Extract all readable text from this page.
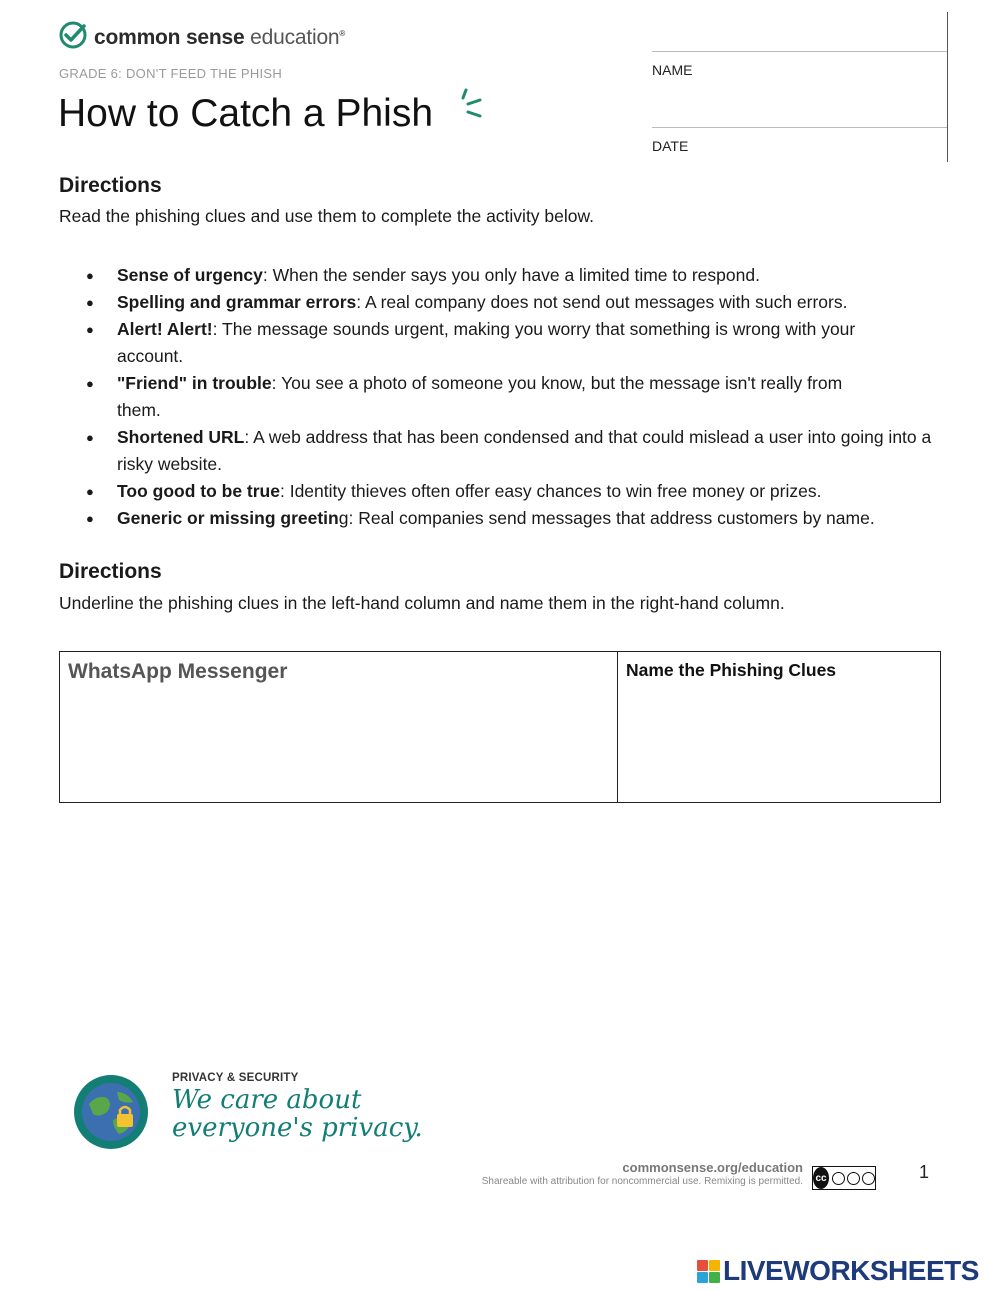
common sense education®
GRADE 6: DON'T FEED THE PHISH
How to Catch a Phish
NAME
DATE
Directions

Read the phishing clues and use them to complete the activity below.

● Sense of urgency: When the sender says you only have a limited time to respond.
● Spelling and grammar errors: A real company does not send out messages with such errors.
● Alert! Alert!: The message sounds urgent, making you worry that something is wrong with your account.
● "Friend" in trouble: You see a photo of someone you know, but the message isn't really from them.
● Shortened URL: A web address that has been condensed and that could mislead a user into going into a risky website.
● Too good to be true: Identity thieves often offer easy chances to win free money or prizes.
● Generic or missing greeting: Real companies send messages that address customers by name.
Directions

Underline the phishing clues in the left-hand column and name them in the right-hand column.

WhatsApp Messenger	Name the Phishing Clues
PRIVACY & SECURITY
We care about
everyone's privacy.
commonsense.org/education
Shareable with attribution for noncommercial use. Remixing is permitted. cc	1
LIVEWORKSHEETS
